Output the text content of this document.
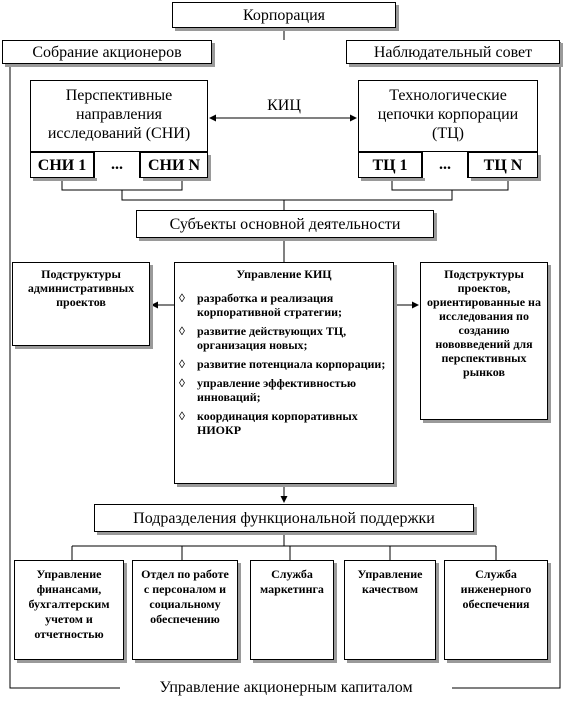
Корпорация
Собрание акционеров	Наблюдательный совет
Перспективные направления исследований (СНИ)
СНИ 1	...	СНИ N
КИЦ
Технологические цепочки корпорации (ТЦ)
ТЦ 1	...	ТЦ N
Субъекты основной деятельности
Подструктуры административных проектов
Управление КИЦ
◊ разработка и реализация корпоративной стратегии;
◊ развитие действующих ТЦ, организация новых;
◊ развитие потенциала корпорации;
◊ управление эффективностью инноваций;
◊ координация корпоративных НИОКР
Подструктуры проектов, ориентированные на исследования по созданию нововведений для перспективных рынков
Подразделения функциональной поддержки
Управление финансами, бухгалтерским учетом и отчетностью
Отдел по работе с персоналом и социальному обеспечению
Служба маркетинга
Управление качеством
Служба инженерного обеспечения
Управление акционерным капиталом
